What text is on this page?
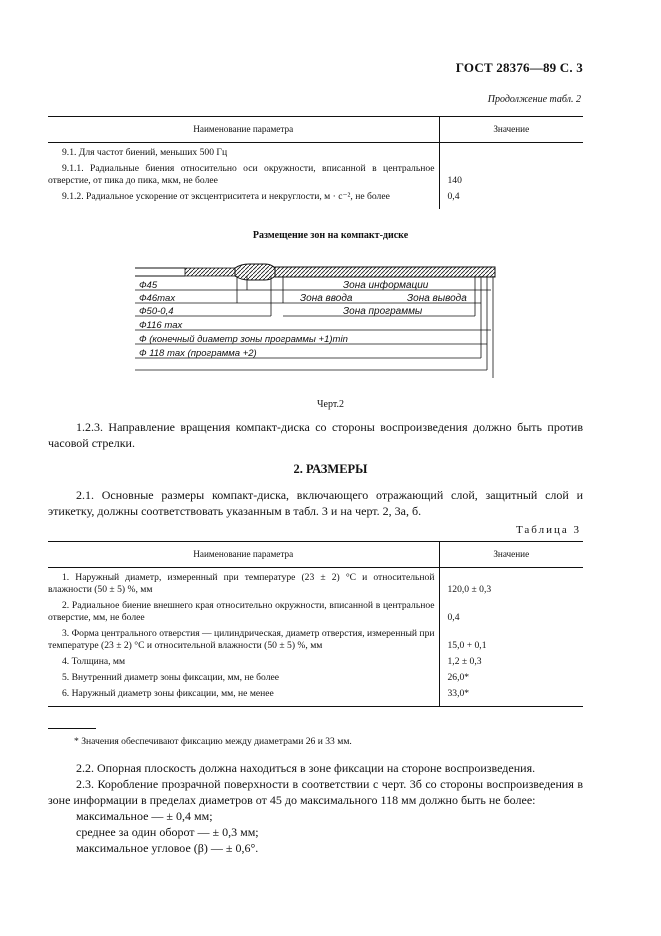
ГОСТ 28376—89 С. 3
Продолжение табл. 2
Наименование параметра	Значение
9.1. Для частот биений, меньших 500 Гц	
9.1.1. Радиальные биения относительно оси окружности, вписанной в центральное отверстие, от пика до пика, мкм, не более	140
9.1.2. Радиальное ускорение от эксцентриситета и некруглости, м · с⁻², не более	0,4
Размещение зон на компакт-диске
Ф45
Ф46max
Ф50-0,4
Ф116 max
Ф (конечный диаметр зоны программы +1)min
Ф 118 max (программа +2)
Зона информации
Зона ввода	Зона вывода
Зона программы
Черт.2
1.2.3. Направление вращения компакт-диска со стороны воспроизведения должно быть против часовой стрелки.
2. РАЗМЕРЫ
2.1. Основные размеры компакт-диска, включающего отражающий слой, защитный слой и этикетку, должны соответствовать указанным в табл. 3 и на черт. 2, 3а, б.
Таблица 3
Наименование параметра	Значение
1. Наружный диаметр, измеренный при температуре (23 ± 2) °С и относительной влажности (50 ± 5) %, мм	120,0 ± 0,3
2. Радиальное биение внешнего края относительно окружности, вписанной в центральное отверстие, мм, не более	0,4
3. Форма центрального отверстия — цилиндрическая, диаметр отверстия, измеренный при температуре (23 ± 2) °С и относительной влажности (50 ± 5) %, мм	15,0 + 0,1
4. Толщина, мм	1,2 ± 0,3
5. Внутренний диаметр зоны фиксации, мм, не более	26,0*
6. Наружный диаметр зоны фиксации, мм, не менее	33,0*
* Значения обеспечивают фиксацию между диаметрами 26 и 33 мм.
2.2. Опорная плоскость должна находиться в зоне фиксации на стороне воспроизведения.
2.3. Коробление прозрачной поверхности в соответствии с черт. 3б со стороны воспроизведения в зоне информации в пределах диаметров от 45 до максимального 118 мм должно быть не более:
максимальное — ± 0,4 мм;
среднее за один оборот — ± 0,3 мм;
максимальное угловое (β) — ± 0,6°.
